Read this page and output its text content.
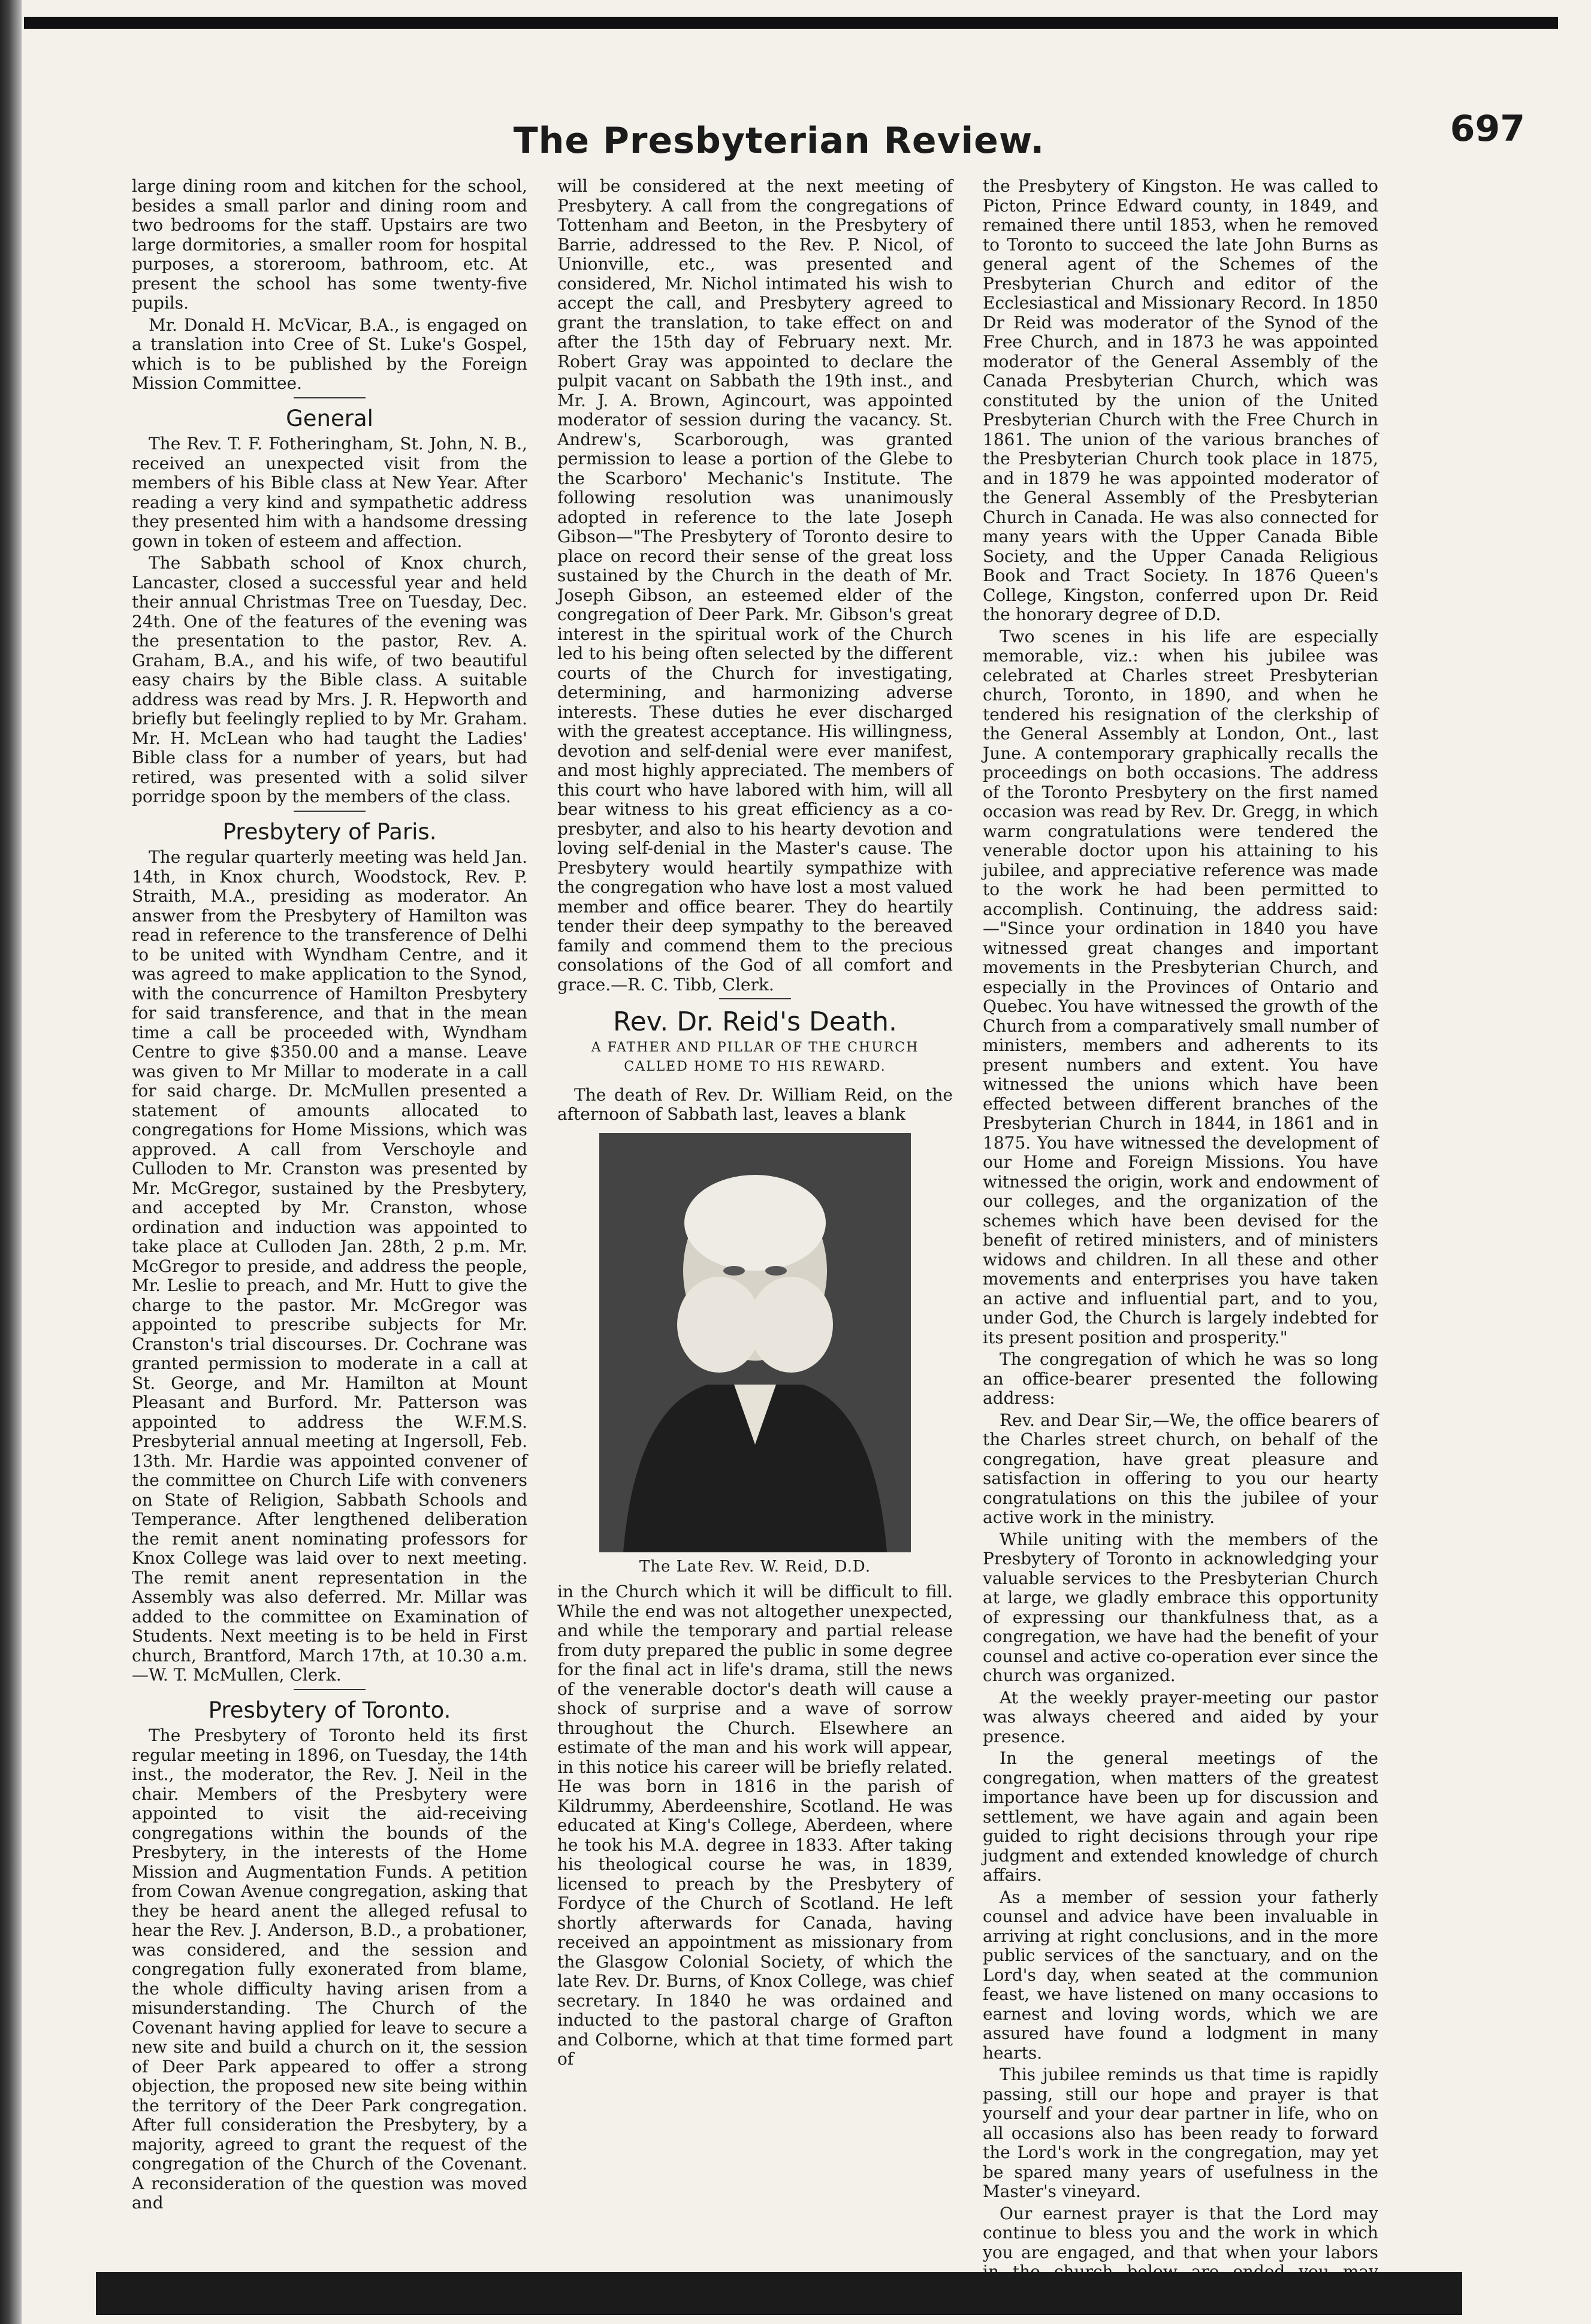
The Presbyterian Review.	697

large dining room and kitchen for the school, besides a small parlor and dining room and two bedrooms for the staff. Upstairs are two large dormitories, a smaller room for hospital purposes, a storeroom, bathroom, etc. At present the school has some twenty-five pupils.

Mr. Donald H. McVicar, B.A., is engaged on a translation into Cree of St. Luke's Gospel, which is to be published by the Foreign Mission Committee.

General

The Rev. T. F. Fotheringham, St. John, N. B., received an unexpected visit from the members of his Bible class at New Year. After reading a very kind and sympathetic address they presented him with a handsome dressing gown in token of esteem and affection.

The Sabbath school of Knox church, Lancaster, closed a successful year and held their annual Christmas Tree on Tuesday, Dec. 24th. One of the features of the evening was the presentation to the pastor, Rev. A. Graham, B.A., and his wife, of two beautiful easy chairs by the Bible class. A suitable address was read by Mrs. J. R. Hepworth and briefly but feelingly replied to by Mr. Graham. Mr. H. McLean who had taught the Ladies' Bible class for a number of years, but had retired, was presented with a solid silver porridge spoon by the members of the class.

Presbytery of Paris.

The regular quarterly meeting was held Jan. 14th, in Knox church, Woodstock, Rev. P. Straith, M.A., presiding as moderator. An answer from the Presbytery of Hamilton was read in reference to the transference of Delhi to be united with Wyndham Centre, and it was agreed to make application to the Synod, with the concurrence of Hamilton Presbytery for said transference, and that in the mean time a call be proceeded with, Wyndham Centre to give $350.00 and a manse. Leave was given to Mr Millar to moderate in a call for said charge. Dr. McMullen presented a statement of amounts allocated to congregations for Home Missions, which was approved. A call from Verschoyle and Culloden to Mr. Cranston was presented by Mr. McGregor, sustained by the Presbytery, and accepted by Mr. Cranston, whose ordination and induction was appointed to take place at Culloden Jan. 28th, 2 p.m. Mr. McGregor to preside, and address the people, Mr. Leslie to preach, and Mr. Hutt to give the charge to the pastor. Mr. McGregor was appointed to prescribe subjects for Mr. Cranston's trial discourses. Dr. Cochrane was granted permission to moderate in a call at St. George, and Mr. Hamilton at Mount Pleasant and Burford. Mr. Patterson was appointed to address the W.F.M.S. Presbyterial annual meeting at Ingersoll, Feb. 13th. Mr. Hardie was appointed convener of the committee on Church Life with conveners on State of Religion, Sabbath Schools and Temperance. After lengthened deliberation the remit anent nominating professors for Knox College was laid over to next meeting. The remit anent representation in the Assembly was also deferred. Mr. Millar was added to the committee on Examination of Students. Next meeting is to be held in First church, Brantford, March 17th, at 10.30 a.m.—W. T. McMullen, Clerk.

Presbytery of Toronto.

The Presbytery of Toronto held its first regular meeting in 1896, on Tuesday, the 14th inst., the moderator, the Rev. J. Neil in the chair. Members of the Presbytery were appointed to visit the aid-receiving congregations within the bounds of the Presbytery, in the interests of the Home Mission and Augmentation Funds. A petition from Cowan Avenue congregation, asking that they be heard anent the alleged refusal to hear the Rev. J. Anderson, B.D., a probationer, was considered, and the session and congregation fully exonerated from blame, the whole difficulty having arisen from a misunderstanding. The Church of the Covenant having applied for leave to secure a new site and build a church on it, the session of Deer Park appeared to offer a strong objection, the proposed new site being within the territory of the Deer Park congregation. After full consideration the Presbytery, by a majority, agreed to grant the request of the congregation of the Church of the Covenant. A reconsideration of the question was moved and

will be considered at the next meeting of Presbytery. A call from the congregations of Tottenham and Beeton, in the Presbytery of Barrie, addressed to the Rev. P. Nicol, of Unionville, etc., was presented and considered, Mr. Nichol intimated his wish to accept the call, and Presbytery agreed to grant the translation, to take effect on and after the 15th day of February next. Mr. Robert Gray was appointed to declare the pulpit vacant on Sabbath the 19th inst., and Mr. J. A. Brown, Agincourt, was appointed moderator of session during the vacancy. St. Andrew's, Scarborough, was granted permission to lease a portion of the Glebe to the Scarboro' Mechanic's Institute. The following resolution was unanimously adopted in reference to the late Joseph Gibson—"The Presbytery of Toronto desire to place on record their sense of the great loss sustained by the Church in the death of Mr. Joseph Gibson, an esteemed elder of the congregation of Deer Park. Mr. Gibson's great interest in the spiritual work of the Church led to his being often selected by the different courts of the Church for investigating, determining, and harmonizing adverse interests. These duties he ever discharged with the greatest acceptance. His willingness, devotion and self-denial were ever manifest, and most highly appreciated. The members of this court who have labored with him, will all bear witness to his great efficiency as a co-presbyter, and also to his hearty devotion and loving self-denial in the Master's cause. The Presbytery would heartily sympathize with the congregation who have lost a most valued member and office bearer. They do heartily tender their deep sympathy to the bereaved family and commend them to the precious consolations of the God of all comfort and grace.—R. C. Tibb, Clerk.

Rev. Dr. Reid's Death.
A FATHER AND PILLAR OF THE CHURCH CALLED HOME TO HIS REWARD.

The death of Rev. Dr. William Reid, on the afternoon of Sabbath last, leaves a blank

The Late Rev. W. Reid, D.D.

in the Church which it will be difficult to fill. While the end was not altogether unexpected, and while the temporary and partial release from duty prepared the public in some degree for the final act in life's drama, still the news of the venerable doctor's death will cause a shock of surprise and a wave of sorrow throughout the Church. Elsewhere an estimate of the man and his work will appear, in this notice his career will be briefly related. He was born in 1816 in the parish of Kildrummy, Aberdeenshire, Scotland. He was educated at King's College, Aberdeen, where he took his M.A. degree in 1833. After taking his theological course he was, in 1839, licensed to preach by the Presbytery of Fordyce of the Church of Scotland. He left shortly afterwards for Canada, having received an appointment as missionary from the Glasgow Colonial Society, of which the late Rev. Dr. Burns, of Knox College, was chief secretary. In 1840 he was ordained and inducted to the pastoral charge of Grafton and Colborne, which at that time formed part of

the Presbytery of Kingston. He was called to Picton, Prince Edward county, in 1849, and remained there until 1853, when he removed to Toronto to succeed the late John Burns as general agent of the Schemes of the Presbyterian Church and editor of the Ecclesiastical and Missionary Record. In 1850 Dr Reid was moderator of the Synod of the Free Church, and in 1873 he was appointed moderator of the General Assembly of the Canada Presbyterian Church, which was constituted by the union of the United Presbyterian Church with the Free Church in 1861. The union of the various branches of the Presbyterian Church took place in 1875, and in 1879 he was appointed moderator of the General Assembly of the Presbyterian Church in Canada. He was also connected for many years with the Upper Canada Bible Society, and the Upper Canada Religious Book and Tract Society. In 1876 Queen's College, Kingston, conferred upon Dr. Reid the honorary degree of D.D.

Two scenes in his life are especially memorable, viz.: when his jubilee was celebrated at Charles street Presbyterian church, Toronto, in 1890, and when he tendered his resignation of the clerkship of the General Assembly at London, Ont., last June. A contemporary graphically recalls the proceedings on both occasions. The address of the Toronto Presbytery on the first named occasion was read by Rev. Dr. Gregg, in which warm congratulations were tendered the venerable doctor upon his attaining to his jubilee, and appreciative reference was made to the work he had been permitted to accomplish. Continuing, the address said:—"Since your ordination in 1840 you have witnessed great changes and important movements in the Presbyterian Church, and especially in the Provinces of Ontario and Quebec. You have witnessed the growth of the Church from a comparatively small number of ministers, members and adherents to its present numbers and extent. You have witnessed the unions which have been effected between different branches of the Presbyterian Church in 1844, in 1861 and in 1875. You have witnessed the development of our Home and Foreign Missions. You have witnessed the origin, work and endowment of our colleges, and the organization of the schemes which have been devised for the benefit of retired ministers, and of ministers widows and children. In all these and other movements and enterprises you have taken an active and influential part, and to you, under God, the Church is largely indebted for its present position and prosperity."

The congregation of which he was so long an office-bearer presented the following address:

Rev. and Dear Sir,—We, the office bearers of the Charles street church, on behalf of the congregation, have great pleasure and satisfaction in offering to you our hearty congratulations on this the jubilee of your active work in the ministry.

While uniting with the members of the Presbytery of Toronto in acknowledging your valuable services to the Presbyterian Church at large, we gladly embrace this opportunity of expressing our thankfulness that, as a congregation, we have had the benefit of your counsel and active co-operation ever since the church was organized.

At the weekly prayer-meeting our pastor was always cheered and aided by your presence.

In the general meetings of the congregation, when matters of the greatest importance have been up for discussion and settlement, we have again and again been guided to right decisions through your ripe judgment and extended knowledge of church affairs.

As a member of session your fatherly counsel and advice have been invaluable in arriving at right conclusions, and in the more public services of the sanctuary, and on the Lord's day, when seated at the communion feast, we have listened on many occasions to earnest and loving words, which we are assured have found a lodgment in many hearts.

This jubilee reminds us that time is rapidly passing, still our hope and prayer is that yourself and your dear partner in life, who on all occasions also has been ready to forward the Lord's work in the congregation, may yet be spared many years of usefulness in the Master's vineyard.

Our earnest prayer is that the Lord may continue to bless you and the work in which you are engaged, and that when your labors
